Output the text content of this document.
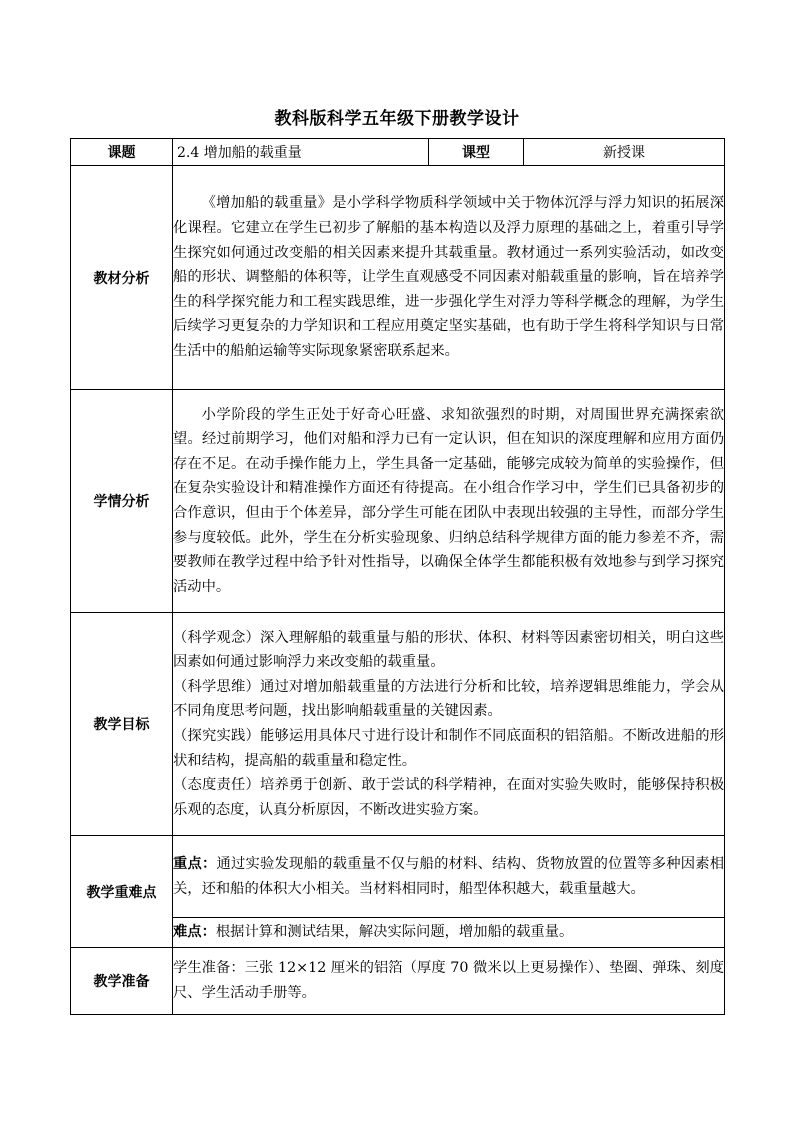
教科版科学五年级下册教学设计
课题	2.4 增加船的载重量	课型	新授课
教材分析	《增加船的载重量》是小学科学物质科学领域中关于物体沉浮与浮力知识的拓展深化课程。它建立在学生已初步了解船的基本构造以及浮力原理的基础之上，着重引导学生探究如何通过改变船的相关因素来提升其载重量。教材通过一系列实验活动，如改变船的形状、调整船的体积等，让学生直观感受不同因素对船载重量的影响，旨在培养学生的科学探究能力和工程实践思维，进一步强化学生对浮力等科学概念的理解，为学生后续学习更复杂的力学知识和工程应用奠定坚实基础，也有助于学生将科学知识与日常生活中的船舶运输等实际现象紧密联系起来。		

学情分析	小学阶段的学生正处于好奇心旺盛、求知欲强烈的时期，对周围世界充满探索欲望。经过前期学习，他们对船和浮力已有一定认识，但在知识的深度理解和应用方面仍存在不足。在动手操作能力上，学生具备一定基础，能够完成较为简单的实验操作，但在复杂实验设计和精准操作方面还有待提高。在小组合作学习中，学生们已具备初步的合作意识，但由于个体差异，部分学生可能在团队中表现出较强的主导性，而部分学生参与度较低。此外，学生在分析实验现象、归纳总结科学规律方面的能力参差不齐，需要教师在教学过程中给予针对性指导，以确保全体学生都能积极有效地参与到学习探究活动中。		

教学目标	（科学观念）深入理解船的载重量与船的形状、体积、材料等因素密切相关，明白这些因素如何通过影响浮力来改变船的载重量。

（科学思维）通过对增加船载重量的方法进行分析和比较，培养逻辑思维能力，学会从不同角度思考问题，找出影响船载重量的关键因素。

（探究实践）能够运用具体尺寸进行设计和制作不同底面积的铝箔船。不断改进船的形状和结构，提高船的载重量和稳定性。

（态度责任）培养勇于创新、敢于尝试的科学精神，在面对实验失败时，能够保持积极乐观的态度，认真分析原因，不断改进实验方案。		

教学重难点	重点：通过实验发现船的载重量不仅与船的材料、结构、货物放置的位置等多种因素相关，还和船的体积大小相关。当材料相同时，船型体积越大，载重量越大。		

	难点：根据计算和测试结果，解决实际问题，增加船的载重量。		

教学准备	学生准备：三张 12×12 厘米的铝箔（厚度 70 微米以上更易操作）、垫圈、弹珠、刻度尺、学生活动手册等。		
